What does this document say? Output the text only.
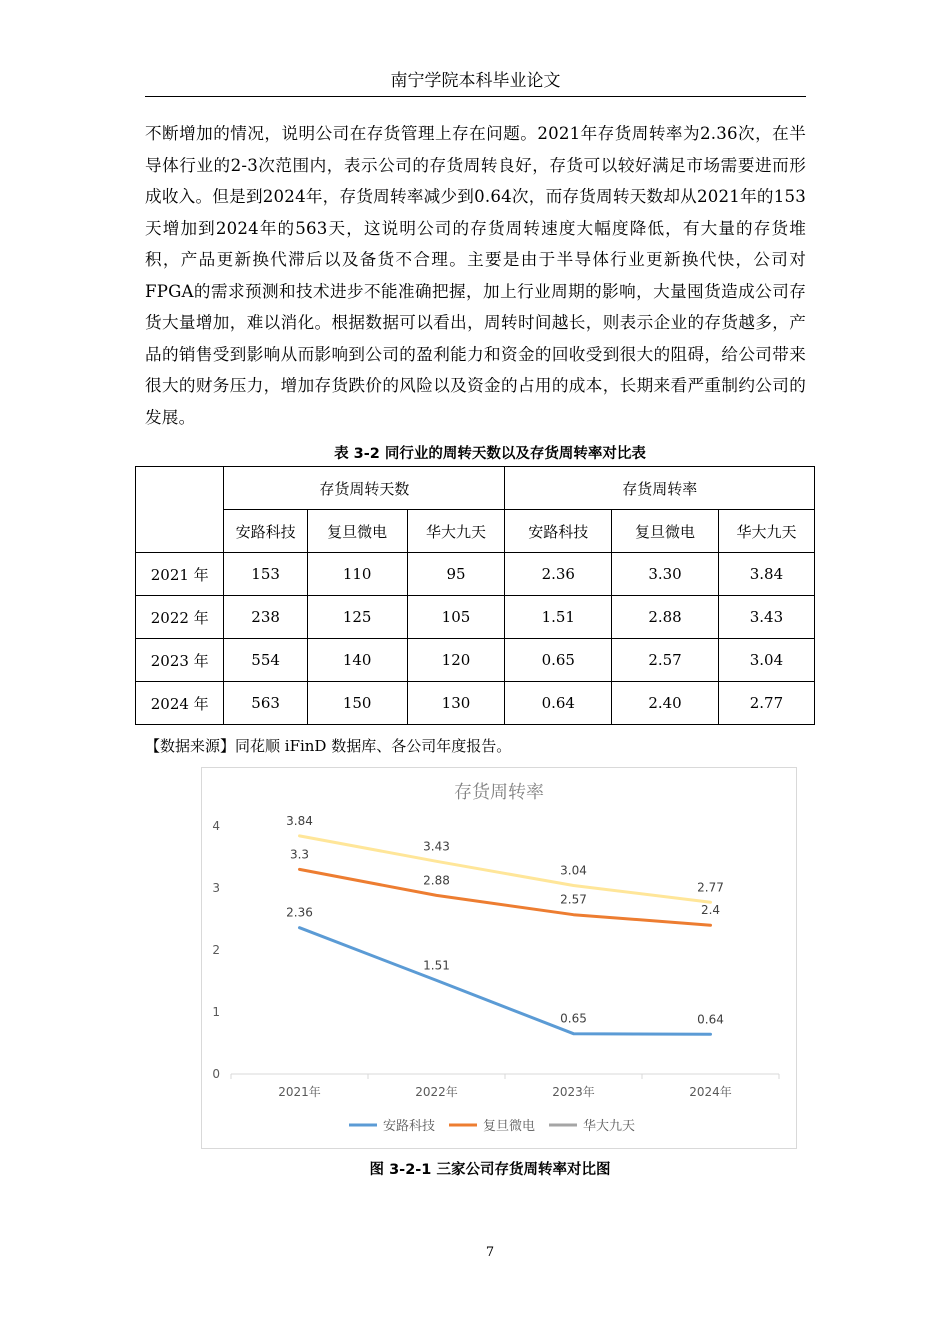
南宁学院本科毕业论文
不断增加的情况，说明公司在存货管理上存在问题。2021年存货周转率为2.36次，在半导体行业的2-3次范围内，表示公司的存货周转良好，存货可以较好满足市场需要进而形成收入。但是到2024年，存货周转率减少到0.64次，而存货周转天数却从2021年的153天增加到2024年的563天，这说明公司的存货周转速度大幅度降低，有大量的存货堆积，产品更新换代滞后以及备货不合理。主要是由于半导体行业更新换代快，公司对FPGA的需求预测和技术进步不能准确把握，加上行业周期的影响，大量囤货造成公司存货大量增加，难以消化。根据数据可以看出，周转时间越长，则表示企业的存货越多，产品的销售受到影响从而影响到公司的盈利能力和资金的回收受到很大的阻碍，给公司带来很大的财务压力，增加存货跌价的风险以及资金的占用的成本，长期来看严重制约公司的发展。
表 3-2 同行业的周转天数以及存货周转率对比表
	存货周转天数			存货周转率		
	安路科技	复旦微电	华大九天	安路科技	复旦微电	华大九天
2021 年	153	110	95	2.36	3.30	3.84
2022 年	238	125	105	1.51	2.88	3.43
2023 年	554	140	120	0.65	2.57	3.04
2024 年	563	150	130	0.64	2.40	2.77
【数据来源】同花顺 iFinD 数据库、各公司年度报告。
存货周转率
0
1
2
3
4
2021年	2022年	2023年	2024年
2.36
1.51
0.65	0.64
3.3
2.88
2.57
2.4
3.84
3.43
3.04
2.77
安路科技	复旦微电	华大九天
图 3-2-1 三家公司存货周转率对比图
7
